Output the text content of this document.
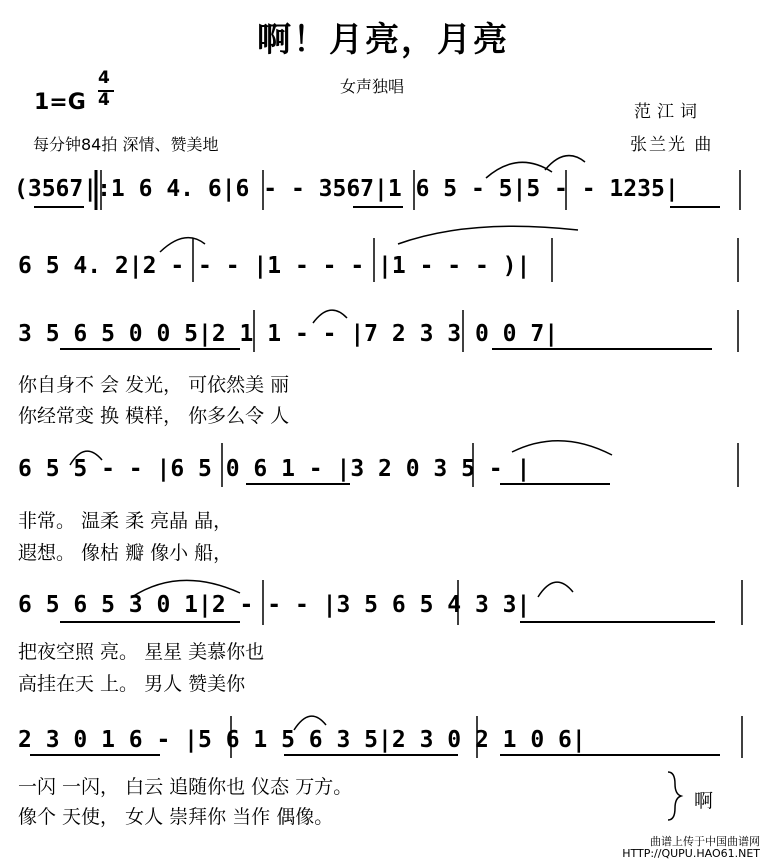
啊！月亮，月亮
女声独唱
1=G
4
4
范江词
张兰光 曲
每分钟84拍 深情、赞美地
(3567|:1 6 4. 6|6 - - 3567|1 6 5 - 5|5 - - 1235|
6 5 4. 2|2 - - - |1 - - - |1 - - - )|
3 5 6 5 0 0 5|2 1 1 - - |7 2 3 3 0 0 7|
6 5 5 - - |6 5 0 6 1 - |3 2 0 3 5 - |
6 5 6 5 3 0 1|2 - - - |3 5 6 5 4 3 3|
2 3 0 1 6 - |5 6 1 5 6 3 5|2 3 0 2 1 0 6|
你自身不 会 发光， 可依然美 丽
你经常变 换 模样， 你多么令 人
非常。 温柔 柔 亮晶 晶，
遐想。 像枯 瓣 像小 船，
把夜空照 亮。 星星 美慕你也
高挂在天 上。 男人 赞美你
一闪 一闪， 白云 追随你也 仪态 万方。
像个 天使， 女人 崇拜你 当作 偶像。
啊
曲谱上传于中国曲谱网
HTTP://QUPU.HAO61.NET
